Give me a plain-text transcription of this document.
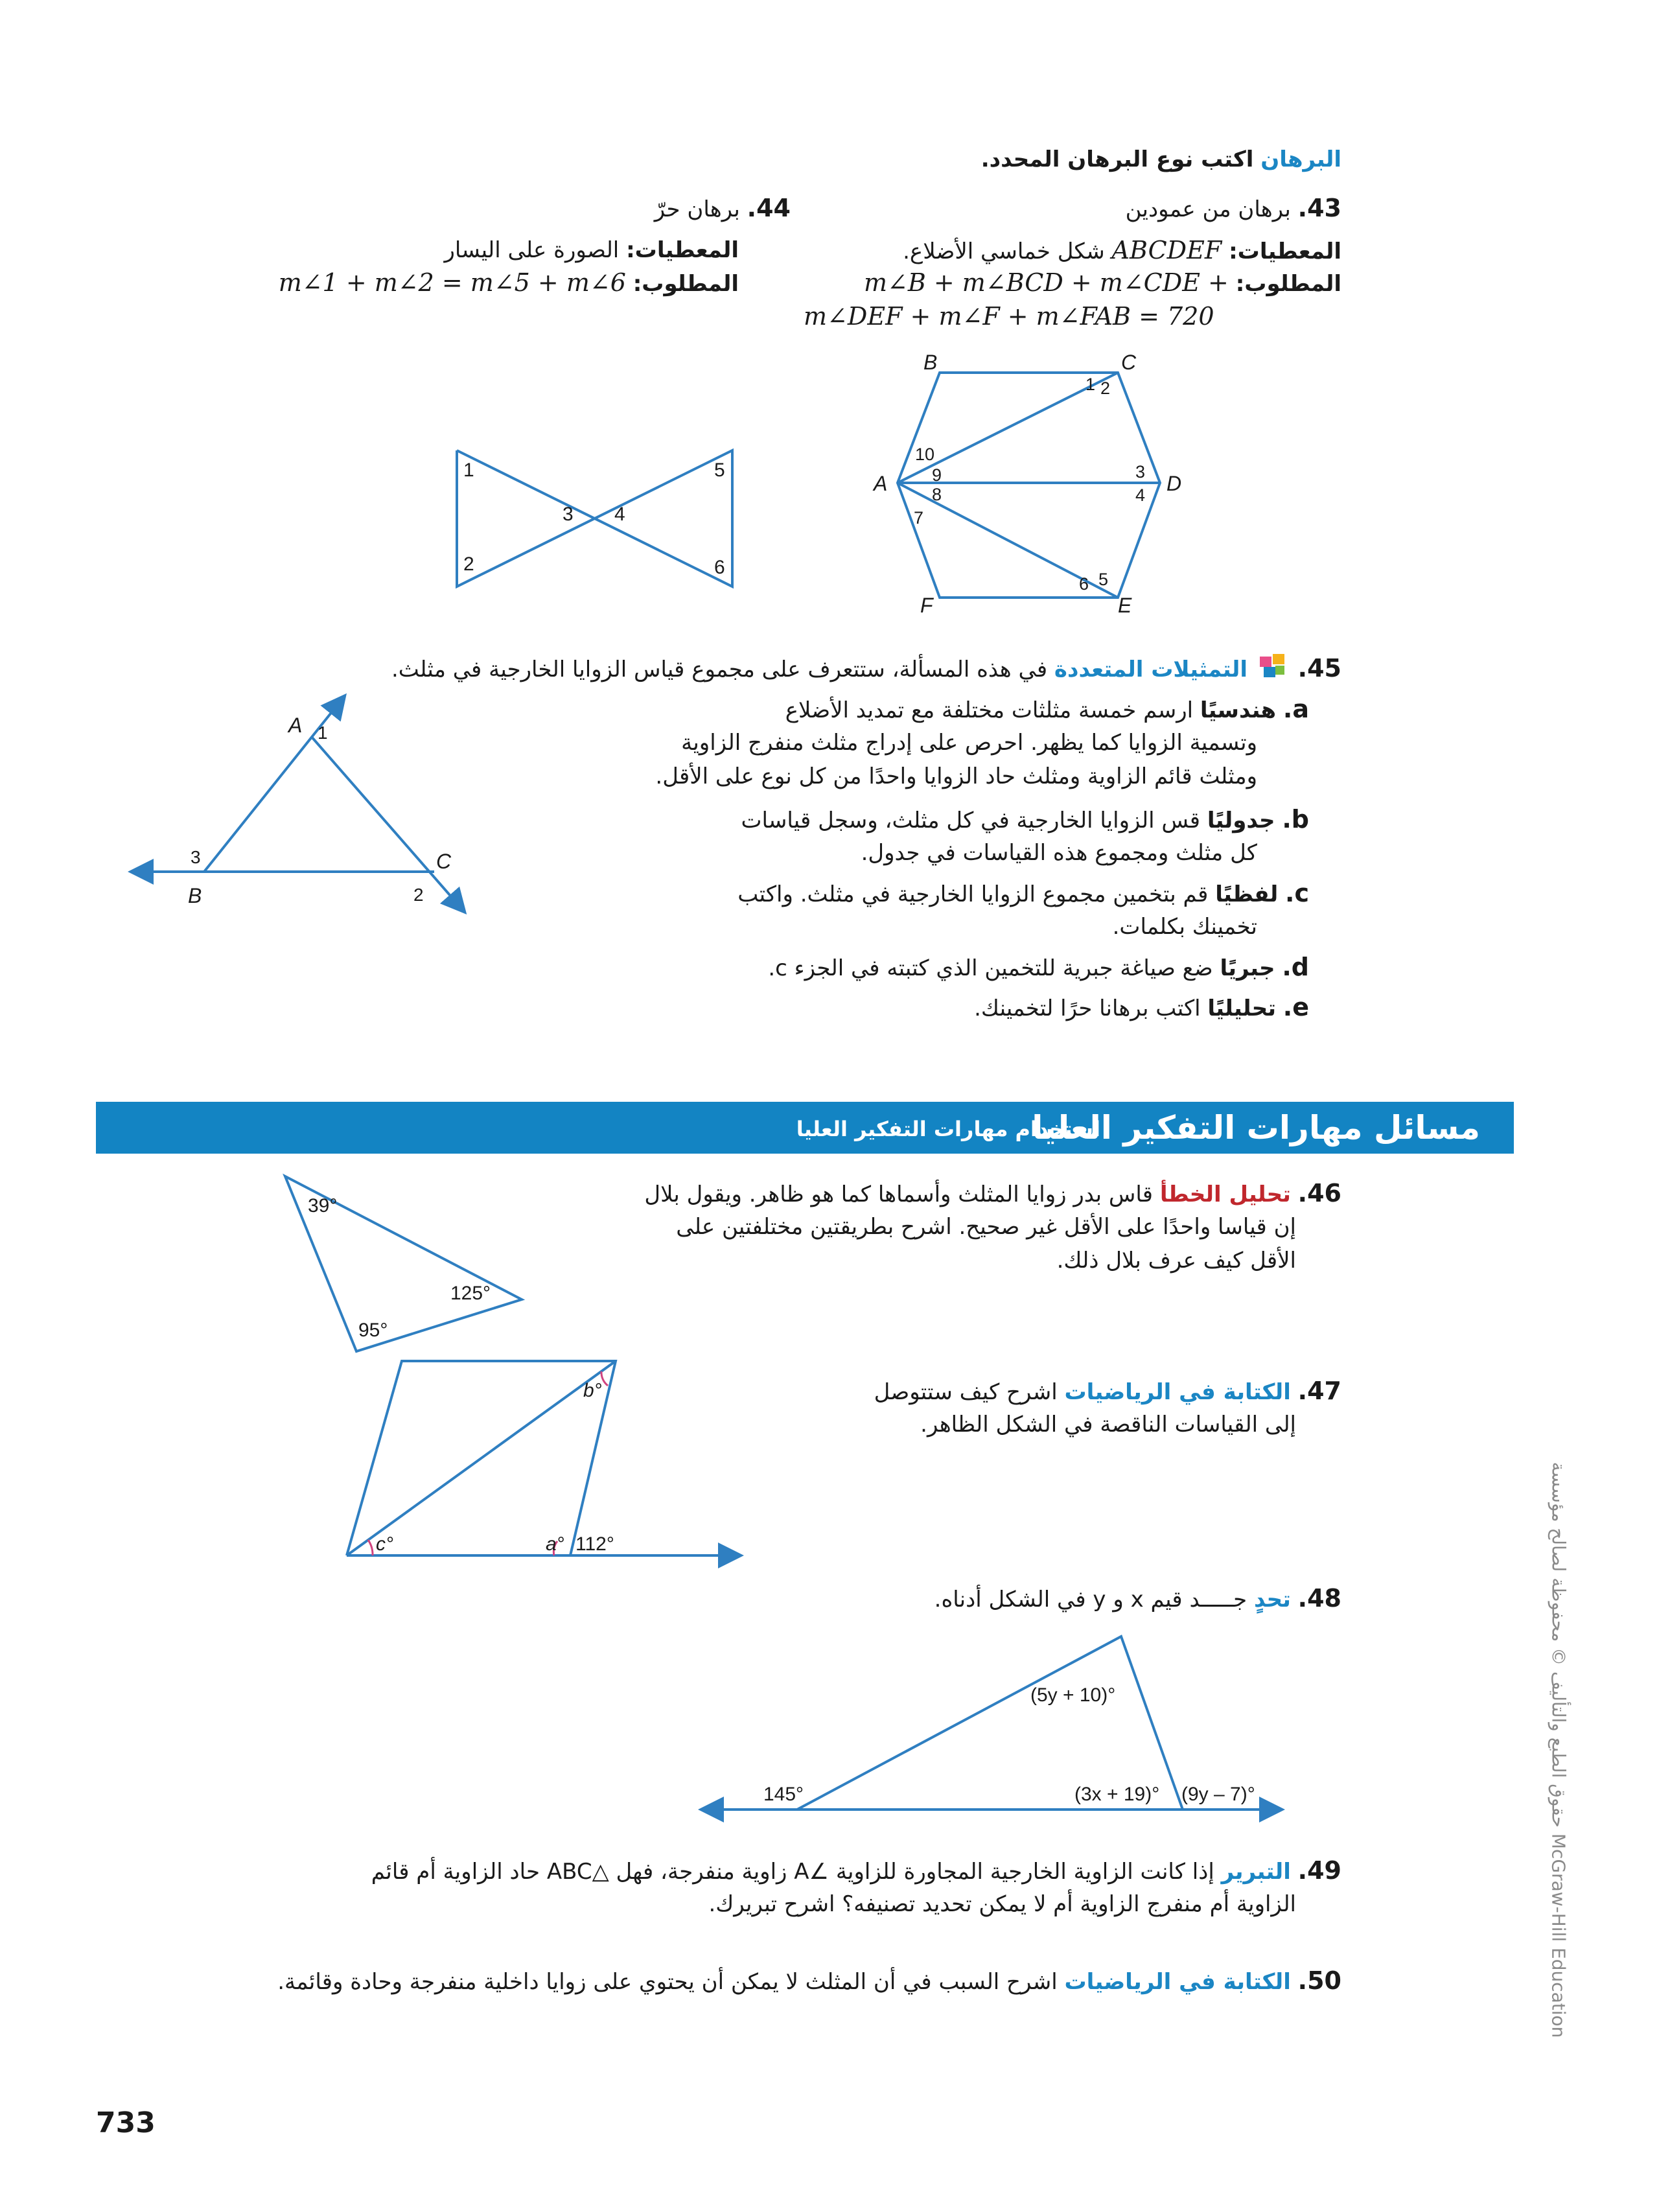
البرهان اكتب نوع البرهان المحدد.
43. برهان من عمودين
المعطيات: ABCDEF شكل خماسي الأضلاع.
المطلوب: m∠B + m∠BCD + m∠CDE +
m∠DEF + m∠F + m∠FAB = 720
44. برهان حرّ
المعطيات: الصورة على اليسار
المطلوب: m∠1 + m∠2 = m∠5 + m∠6
B	C
D
E
F
A
1 2
3
4
5
6
7
8
9
10
1
2
3 4
5
6
45.  التمثيلات المتعددة في هذه المسألة، ستتعرف على مجموع قياس الزوايا الخارجية في مثلث.
a. هندسيًا ارسم خمسة مثلثات مختلفة مع تمديد الأضلاع
وتسمية الزوايا كما يظهر. احرص على إدراج مثلث منفرج الزاوية
ومثلث قائم الزاوية ومثلث حاد الزوايا واحدًا من كل نوع على الأقل.
b. جدوليًا قس الزوايا الخارجية في كل مثلث، وسجل قياسات
كل مثلث ومجموع هذه القياسات في جدول.
c. لفظيًا قم بتخمين مجموع الزوايا الخارجية في مثلث. واكتب
تخمينك بكلمات.
d. جبريًا ضع صياغة جبرية للتخمين الذي كتبته في الجزء c.
e. تحليليًا اكتب برهانا حرًا لتخمينك.
A
B
C
1
2
3
مسائل مهارات التفكير العليا
استخدام مهارات التفكير العليا
46. تحليل الخطأ قاس بدر زوايا المثلث وأسماها كما هو ظاهر. ويقول بلال
إن قياسا واحدًا على الأقل غير صحيح. اشرح بطريقتين مختلفتين على
الأقل كيف عرف بلال ذلك.
39°
125°
95°
47. الكتابة في الرياضيات اشرح كيف ستتوصل
إلى القياسات الناقصة في الشكل الظاهر.
b°
c°	a° 112°
48. تحدٍ جـــــد قيم x و y في الشكل أدناه.
(5y + 10)°
145°	(3x + 19)° (9y – 7)°
49. التبرير إذا كانت الزاوية الخارجية المجاورة للزاوية ∠A زاوية منفرجة، فهل △ABC حاد الزاوية أم قائم
الزاوية أم منفرج الزاوية أم لا يمكن تحديد تصنيفه؟ اشرح تبريرك.
50. الكتابة في الرياضيات اشرح السبب في أن المثلث لا يمكن أن يحتوي على زوايا داخلية منفرجة وحادة وقائمة.
733
حقوق الطبع والتأليف © محفوظة لصالح مؤسسة McGraw-Hill Education
